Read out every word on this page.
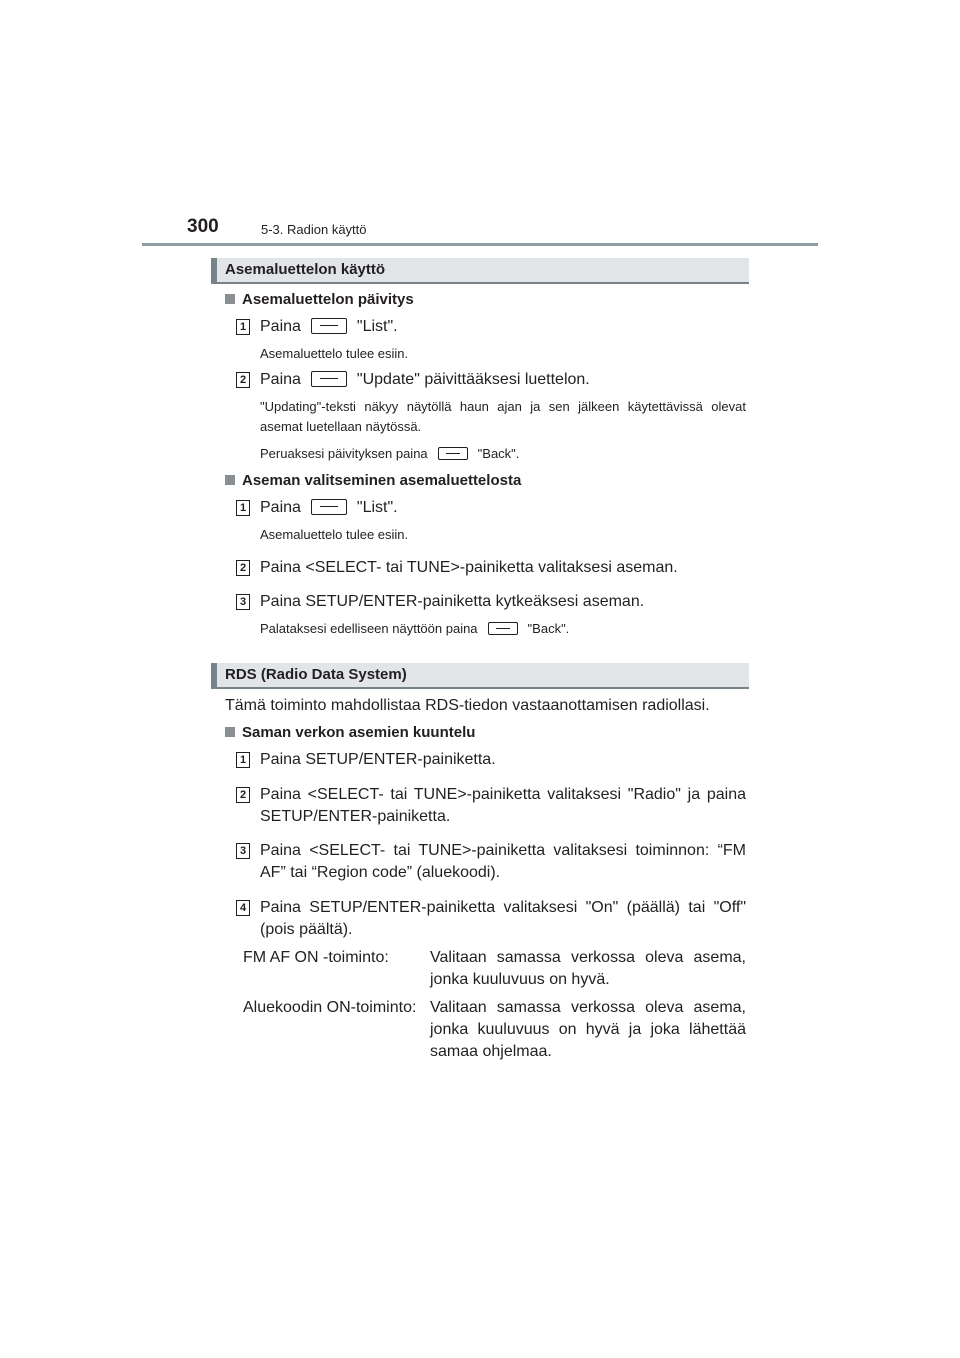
300	5-3. Radion käyttö
Asemaluettelon käyttö
Asemaluettelon päivitys
1 Paina	"List".
Asemaluettelo tulee esiin.
2 Paina	"Update" päivittääksesi luettelon.
"Updating"-teksti näkyy näytöllä haun ajan ja sen jälkeen käytettävissä olevat asemat luetellaan näytössä.
Peruaksesi päivityksen paina	"Back".
Aseman valitseminen asemaluettelosta
1 Paina	"List".
Asemaluettelo tulee esiin.
2 Paina <SELECT- tai TUNE>-painiketta valitaksesi aseman.
3 Paina SETUP/ENTER-painiketta kytkeäksesi aseman.
Palataksesi edelliseen näyttöön paina	"Back".
RDS (Radio Data System)
Tämä toiminto mahdollistaa RDS-tiedon vastaanottamisen radiollasi.
Saman verkon asemien kuuntelu
1 Paina SETUP/ENTER-painiketta.
2 Paina <SELECT- tai TUNE>-painiketta valitaksesi "Radio" ja paina SETUP/ENTER-painiketta.
3 Paina <SELECT- tai TUNE>-painiketta valitaksesi toiminnon: “FM AF” tai “Region code” (aluekoodi).
4 Paina SETUP/ENTER-painiketta valitaksesi "On" (päällä) tai "Off" (pois päältä).
FM AF ON -toiminto:	Valitaan samassa verkossa oleva asema, jonka kuuluvuus on hyvä.
Aluekoodin ON-toiminto: Valitaan samassa verkossa oleva asema, jonka kuuluvuus on hyvä ja joka lähettää samaa ohjelmaa.
